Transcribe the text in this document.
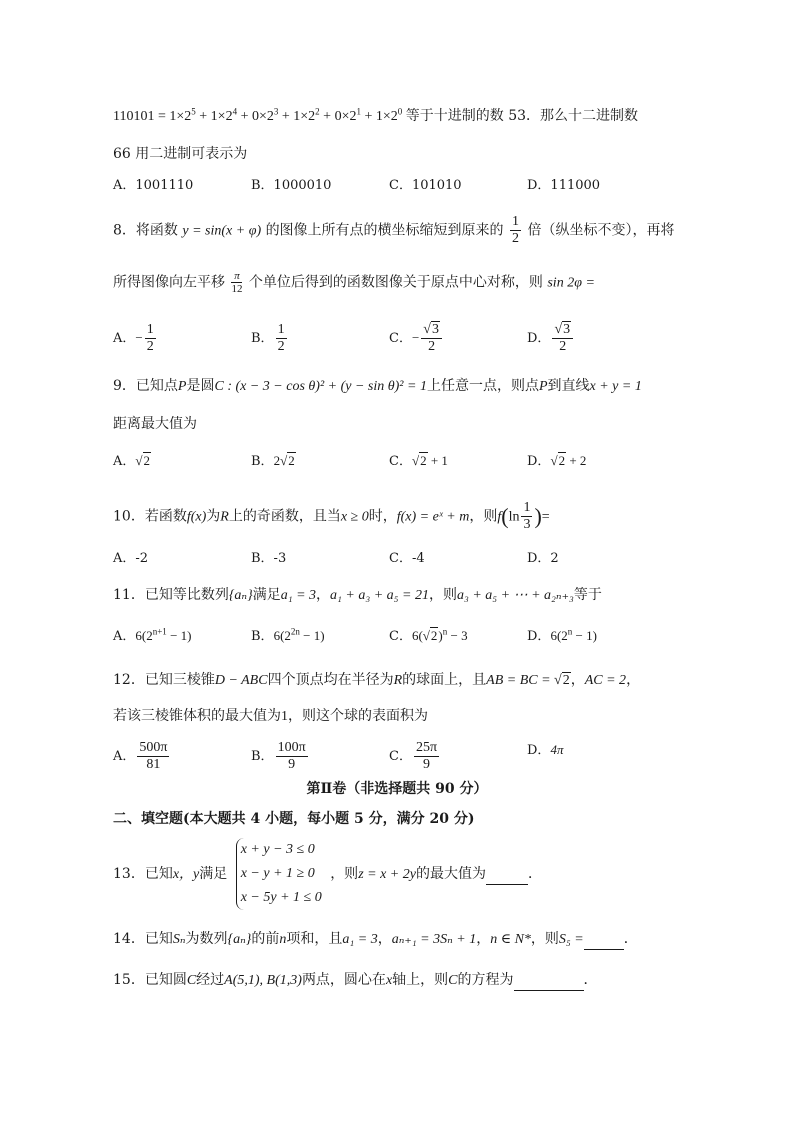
$110101 = 1\times 2^5 + 1\times 2^4 + 0\times 2^3 + 1\times 2^2 + 0\times 2^1 + 1\times 2^0$ 等于十进制的数 53．那么十二进制数
66 用二进制可表示为
A．1001110	B．1000010	C．101010	D．111000
8．将函数 y = sin(x + φ) 的图像上所有点的横坐标缩短到原来的 $\frac{1}{2}$ 倍（纵坐标不变），再将
所得图像向左平移 $\frac{\pi}{12}$ 个单位后得到的函数图像关于原点中心对称，则 sin 2φ =
A．− $\frac{1}{2}$	B． $\frac{1}{2}$	C．− $\frac{√3}{2}$	D． $\frac{√3}{2}$
9．已知点P是圆C : (x − 3 − cos θ)² + (y − sin θ)² = 1上任意一点，则点P到直线x + y = 1
距离最大值为
A．√2	B．2√2	C．√2 + 1	D．√2 + 2
10．若函数f(x)为R上的奇函数，且当x ≥ 0时，f(x) = eˣ + m，则$f(\ln \frac{1}{3}$ )=
A．-2	B．-3	C．-4	D．2
11．已知等比数列{aₙ}满足a₁ = 3，a₁ + a₃ + a₅ = 21，则a₃ + a₅ + ⋯ + a₂ₙ₊₃等于
A．$6(2^{n+1} - 1)$	B．$6(2^{2n} - 1)$	C．$6(√2)^n - 3$	D．$6(2^n - 1)$
12．已知三棱锥D − ABC四个顶点均在半径为R的球面上，且AB = BC = √2，AC = 2，
若该三棱锥体积的最大值为1，则这个球的表面积为
A． $\frac{500\pi}{81}$	B． $\frac{100\pi}{9}$	C． $\frac{25\pi}{9}$	D．4π
第Ⅱ卷（非选择题共 90 分）
二、填空题(本大题共 4 小题，每小题 5 分，满分 20 分)
13．已知x，y满足
x + y − 3 ≤ 0
x − y + 1 ≥ 0
x − 5y + 1 ≤ 0
，则z = x + 2y的最大值为	．
14．已知Sₙ为数列{aₙ}的前n项和，且a₁ = 3，aₙ₊₁ = 3Sₙ + 1，n ∈ N*，则S₅ =	．
15．已知圆C经过A(5,1), B(1,3)两点，圆心在x轴上，则C的方程为	．
